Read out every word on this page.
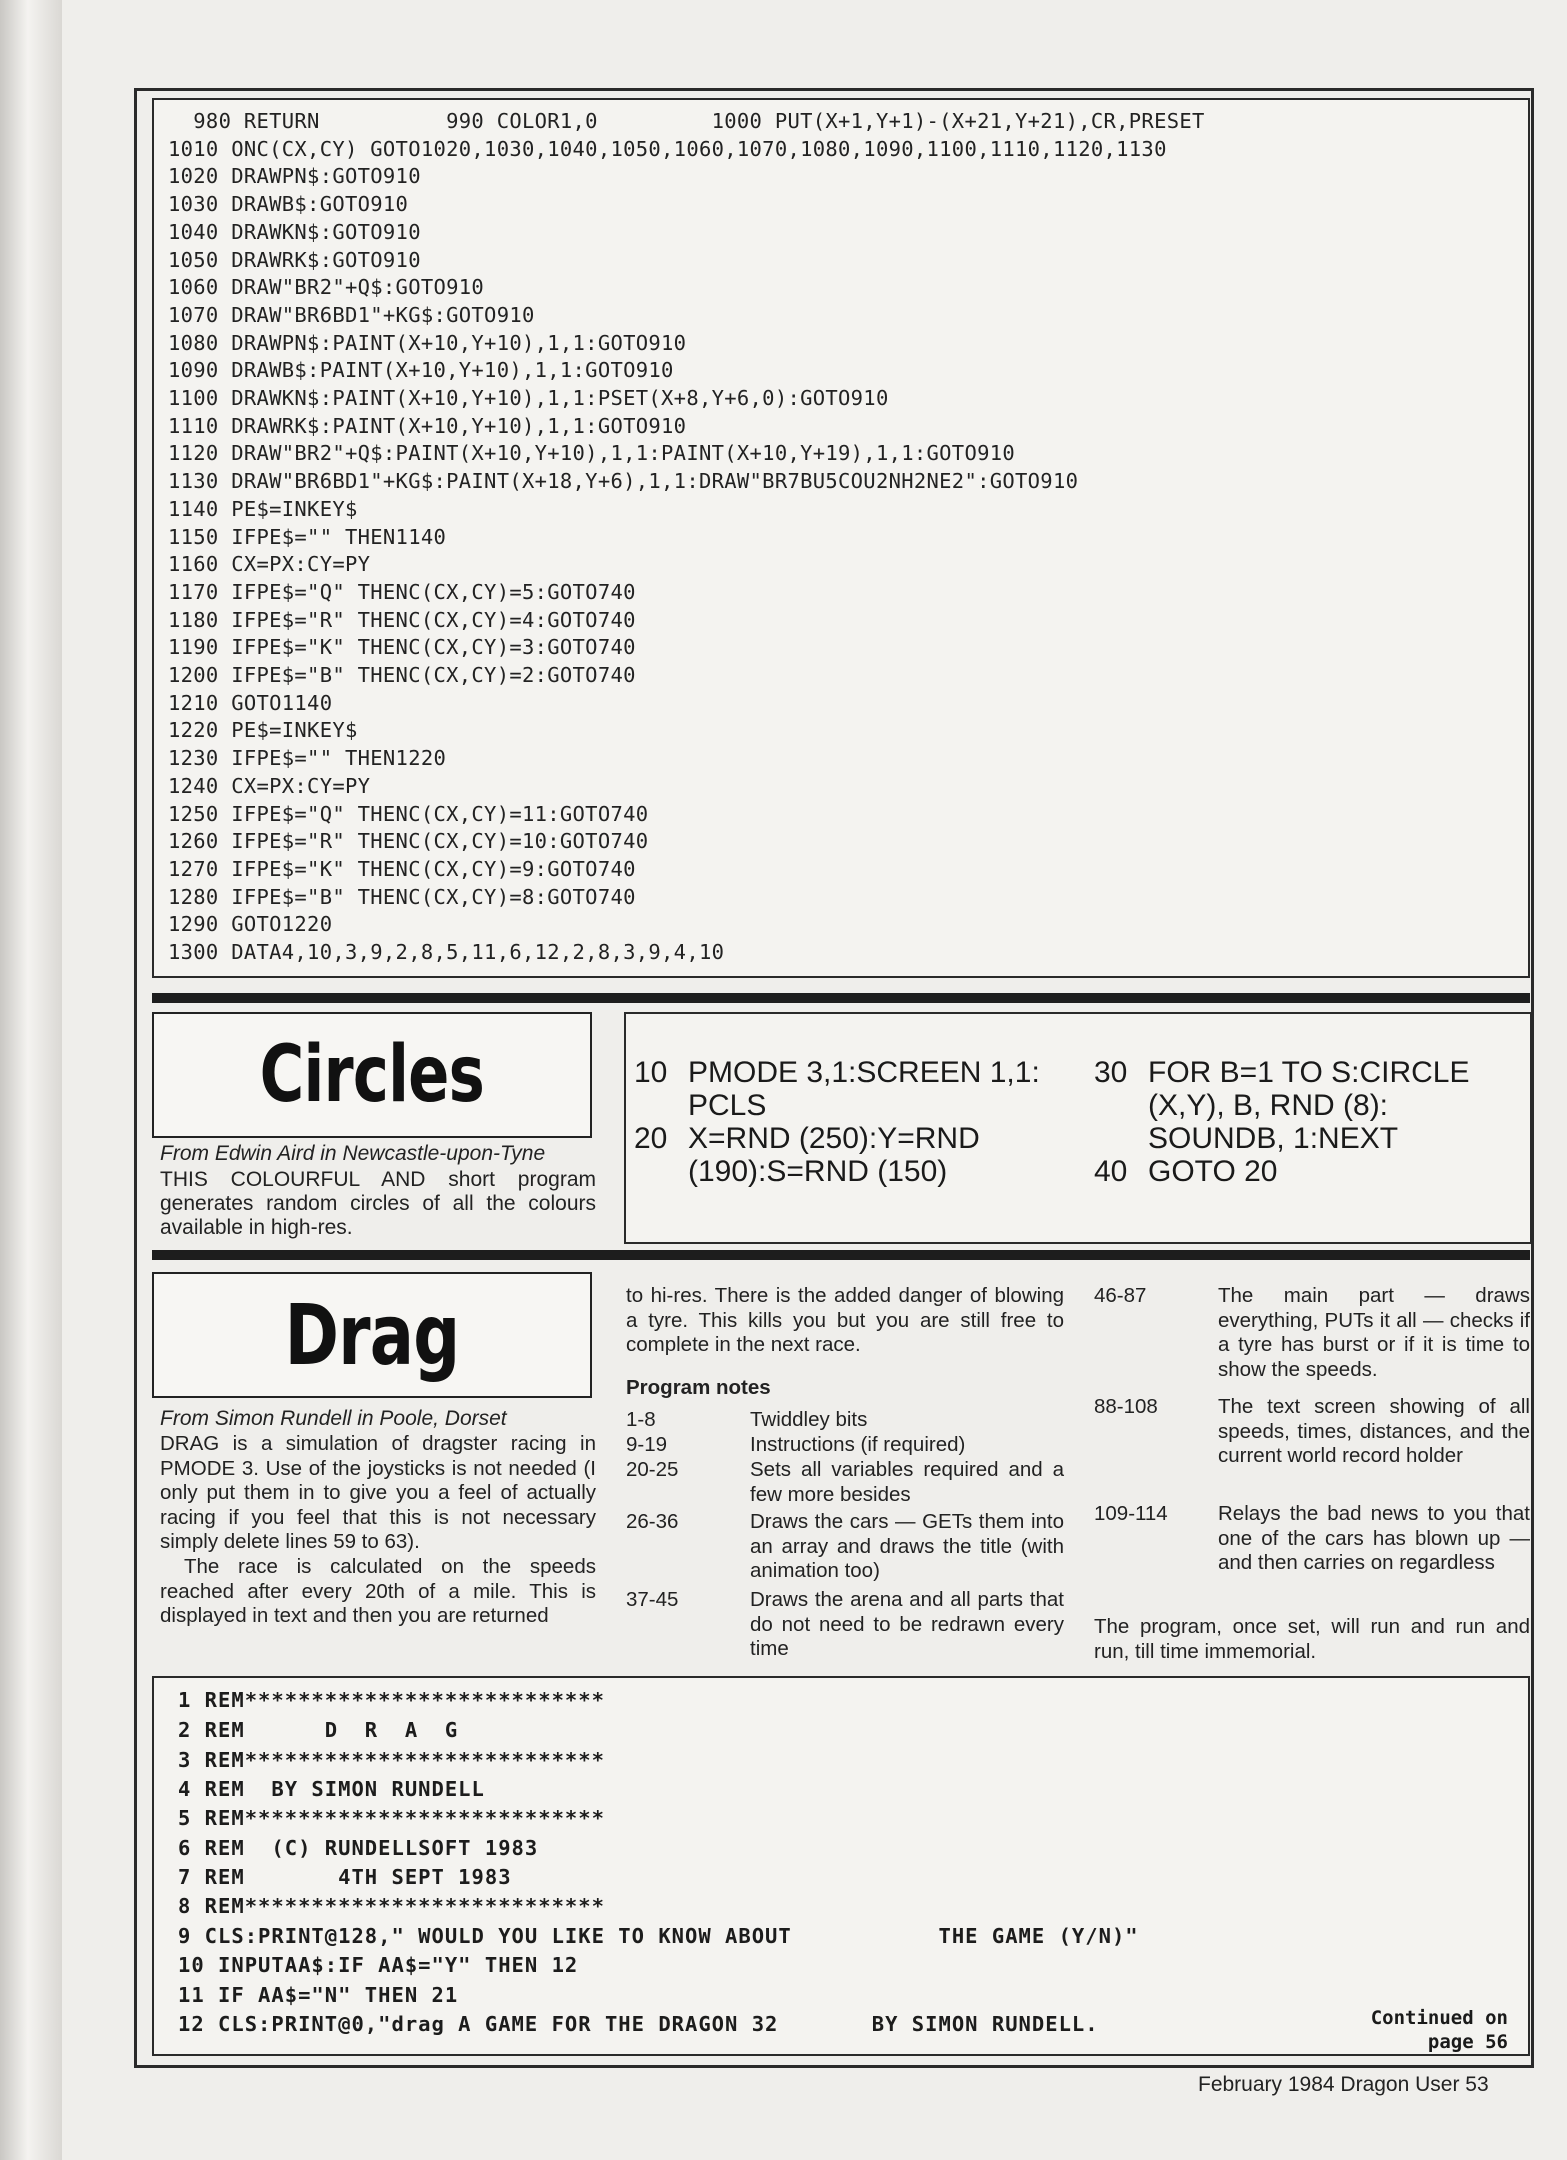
980 RETURN          990 COLOR1,0         1000 PUT(X+1,Y+1)-(X+21,Y+21),CR,PRESET
1010 ONC(CX,CY) GOTO1020,1030,1040,1050,1060,1070,1080,1090,1100,1110,1120,1130
1020 DRAWPN$:GOTO910
1030 DRAWB$:GOTO910
1040 DRAWKN$:GOTO910
1050 DRAWRK$:GOTO910
1060 DRAW"BR2"+Q$:GOTO910
1070 DRAW"BR6BD1"+KG$:GOTO910
1080 DRAWPN$:PAINT(X+10,Y+10),1,1:GOTO910
1090 DRAWB$:PAINT(X+10,Y+10),1,1:GOTO910
1100 DRAWKN$:PAINT(X+10,Y+10),1,1:PSET(X+8,Y+6,0):GOTO910
1110 DRAWRK$:PAINT(X+10,Y+10),1,1:GOTO910
1120 DRAW"BR2"+Q$:PAINT(X+10,Y+10),1,1:PAINT(X+10,Y+19),1,1:GOTO910
1130 DRAW"BR6BD1"+KG$:PAINT(X+18,Y+6),1,1:DRAW"BR7BU5COU2NH2NE2":GOTO910
1140 PE$=INKEY$
1150 IFPE$="" THEN1140
1160 CX=PX:CY=PY
1170 IFPE$="Q" THENC(CX,CY)=5:GOTO740
1180 IFPE$="R" THENC(CX,CY)=4:GOTO740
1190 IFPE$="K" THENC(CX,CY)=3:GOTO740
1200 IFPE$="B" THENC(CX,CY)=2:GOTO740
1210 GOTO1140
1220 PE$=INKEY$
1230 IFPE$="" THEN1220
1240 CX=PX:CY=PY
1250 IFPE$="Q" THENC(CX,CY)=11:GOTO740
1260 IFPE$="R" THENC(CX,CY)=10:GOTO740
1270 IFPE$="K" THENC(CX,CY)=9:GOTO740
1280 IFPE$="B" THENC(CX,CY)=8:GOTO740
1290 GOTO1220
1300 DATA4,10,3,9,2,8,5,11,6,12,2,8,3,9,4,10
Circles
From Edwin Aird in Newcastle-upon-Tyne
THIS COLOURFUL AND short program generates random circles of all the colours available in high-res.
10 PMODE 3,1:SCREEN 1,1:
PCLS
20 X=RND (250):Y=RND
(190):S=RND (150)
30 FOR B=1 TO S:CIRCLE
(X,Y), B, RND (8):
SOUNDB, 1:NEXT
40 GOTO 20
Drag
From Simon Rundell in Poole, Dorset
DRAG is a simulation of dragster racing in PMODE 3. Use of the joysticks is not needed (I only put them in to give you a feel of actually racing if you feel that this is not necessary simply delete lines 59 to 63).
The race is calculated on the speeds reached after every 20th of a mile. This is displayed in text and then you are returned
to hi-res. There is the added danger of blowing a tyre. This kills you but you are still free to complete in the next race.
Program notes
1-8	Twiddley bits
9-19	Instructions (if required)
20-25	Sets all variables required and a few more besides
26-36	Draws the cars — GETs them into an array and draws the title (with animation too)
37-45	Draws the arena and all parts that do not need to be redrawn every time
46-87	The main part — draws everything, PUTs it all — checks if a tyre has burst or if it is time to show the speeds.
88-108	The text screen showing of all speeds, times, distances, and the current world record holder
109-114 Relays the bad news to you that one of the cars has blown up — and then carries on regardless
The program, once set, will run and run and run, till time immemorial.
1 REM***************************
2 REM      D  R  A  G
3 REM***************************
4 REM  BY SIMON RUNDELL
5 REM***************************
6 REM  (C) RUNDELLSOFT 1983
7 REM       4TH SEPT 1983
8 REM***************************
9 CLS:PRINT@128," WOULD YOU LIKE TO KNOW ABOUT           THE GAME (Y/N)"
10 INPUTAA$:IF AA$="Y" THEN 12
11 IF AA$="N" THEN 21
12 CLS:PRINT@0,"drag A GAME FOR THE DRAGON 32       BY SIMON RUNDELL.	Continued on
page 56
February 1984 Dragon User 53
